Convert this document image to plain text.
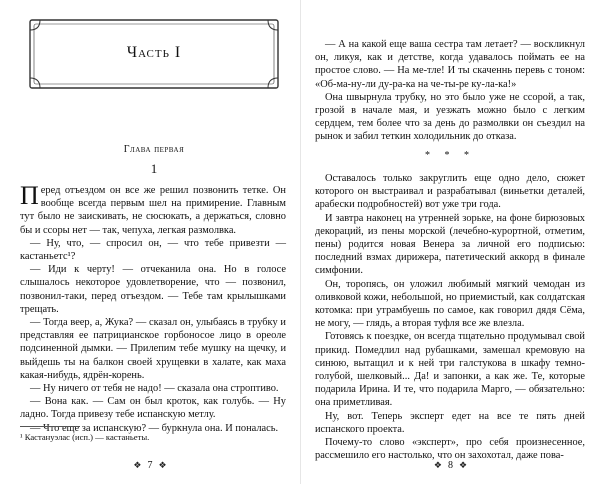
Часть I
Глава первая
1

Перед отъездом он все же решил позвонить тетке. Он вообще всегда первым шел на примирение. Главным тут было не заискивать, не сюсюкать, а держаться, словно бы и ссоры нет — так, чепуха, легкая размолвка.

— Ну, что, — спросил он, — что тебе привезти — кастаньетс¹?

— Иди к черту! — отчеканила она. Но в голосе слышалось некоторое удовлетворение, что — позвонил, позвонил-таки, перед отъездом. — Тебе там крылышками трещать.

— Тогда веер, а, Жука? — сказал он, улыбаясь в трубку и представляя ее патрицианское горбоносое лицо в ореоле подсиненной дымки. — Прилепим тебе мушку на щечку, и выйдешь ты на балкон своей хрущевки в халате, как маха какая-нибудь, ядрён-корень.

— Ну ничего от тебя не надо! — сказала она строптиво.

— Вона как. — Сам он был кроток, как голубь. — Ну ладно. Тогда привезу тебе испанскую метлу.

— Что еще за испанскую? — буркнула она. И поналась.

¹ Кастануэлас (исп.) — кастаньеты.
❖ 7 ❖

— А на какой еще ваша сестра там летает? — воскликнул он, ликуя, как и детстве, когда удавалось поймать ее на простое слово. — На ме-тле! И ты скаченнь перевь с тоном: «Об-ма-ну-ли ду-ра-ка на че-ты-ре ку-ла-ка!»

Она швырнула трубку, но это было уже не ссорой, а так, грозой в начале мая, и уезжать можно было с легким сердцем, тем более что за день до размолвки он съездил на рынок и забил теткин холодильник до отказа.

* * *

Оставалось только закруглить еще одно дело, сюжет которого он выстраивал и разрабатывал (виньетки деталей, арабески подробностей) вот уже три года.

И завтра наконец на утренней зорьке, на фоне бирюзовых декораций, из пены морской (лечебно-курортной, отметим, пены) родится новая Венера за личной его подписью: последний взмах дирижера, патетический аккорд в финале симфонии.

Он, торопясь, он уложил любимый мягкий чемодан из оливковой кожи, небольшой, но приемистый, как солдатская котомка: при утрамбуешь по самое, как говорил дядя Сёма, не могу, — глядь, а вторая туфля все же влезла.

Готовясь к поездке, он всегда тщательно продумывал свой прикид. Помедлил над рубашками, замешал кремовую на синюю, вытащил и к ней три галстукова в шкафу темно-голубой, шелковый... Да! и запонки, а как же. Те, которые подарила Ирина. И те, что подарила Марго, — обязательно: она приметливая.

Ну, вот. Теперь эксперт едет на все те пять дней испанского проекта.

Почему-то слово «эксперт», про себя произнесенное, рассмешило его настолько, что он захохотал, даже пова-

❖ 8 ❖
